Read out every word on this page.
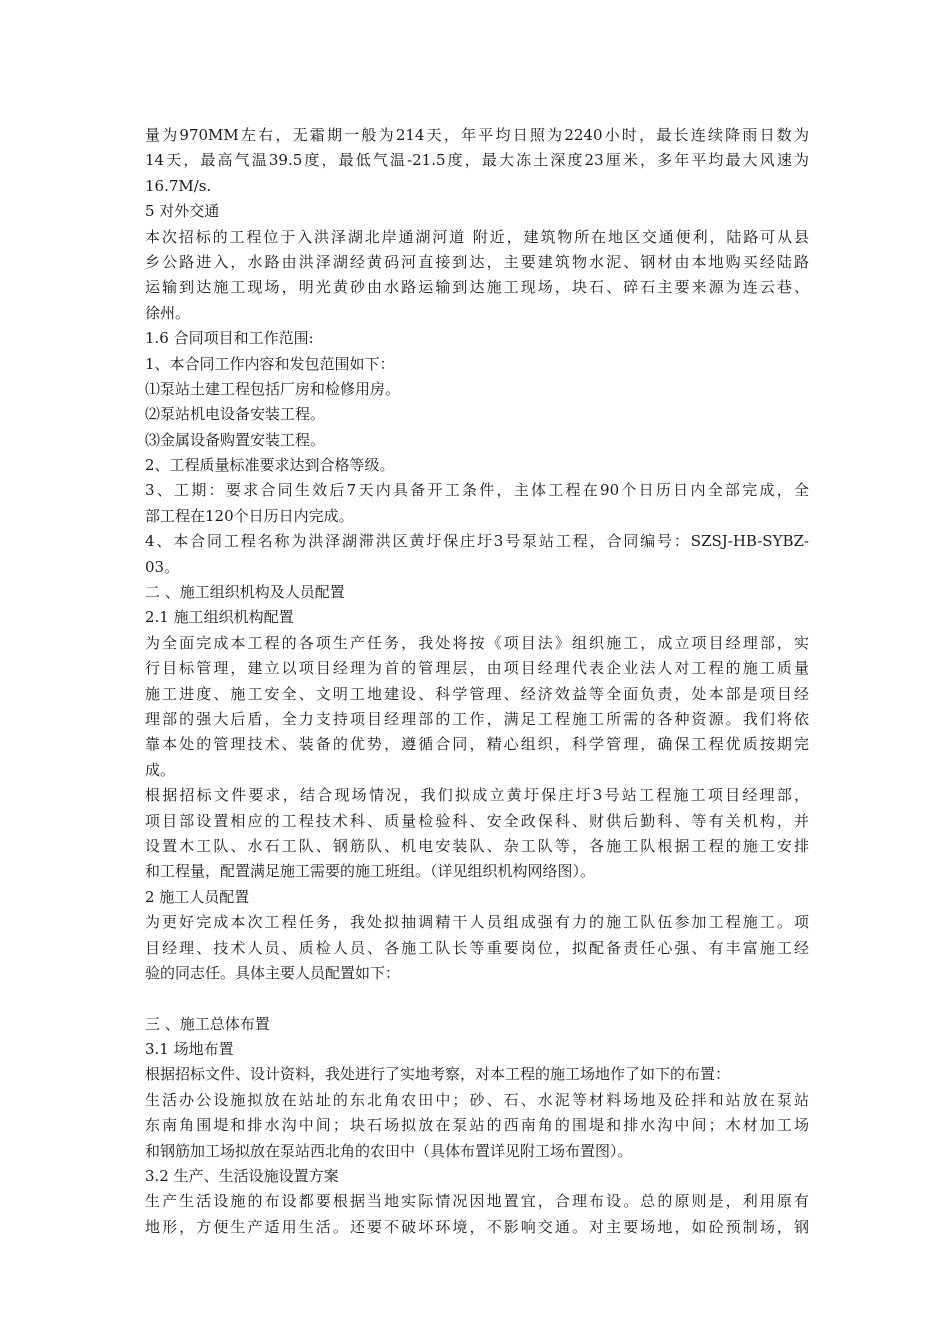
量为970MM左右，无霜期一般为214天，年平均日照为2240小时，最长连续降雨日数为
14天，最高气温39.5度，最低气温-21.5度，最大冻土深度23厘米，多年平均最大风速为
16.7M/s.
5 对外交通
本次招标的工程位于入洪泽湖北岸通湖河道 附近，建筑物所在地区交通便利，陆路可从县
乡公路进入，水路由洪泽湖经黄码河直接到达，主要建筑物水泥、钢材由本地购买经陆路
运输到达施工现场，明光黄砂由水路运输到达施工现场，块石、碎石主要来源为连云巷、
徐州。
1.6 合同项目和工作范围:
1、本合同工作内容和发包范围如下：
⑴泵站土建工程包括厂房和检修用房。
⑵泵站机电设备安装工程。
⑶金属设备购置安装工程。
2、工程质量标准要求达到合格等级。
3、工期：要求合同生效后7天内具备开工条件，主体工程在90个日历日内全部完成，全
部工程在120个日历日内完成。
4、本合同工程名称为洪泽湖滞洪区黄圩保庄圩3号泵站工程，合同编号：SZSJ-HB-SYBZ-
03。
二 、施工组织机构及人员配置
2.1 施工组织机构配置
为全面完成本工程的各项生产任务，我处将按《项目法》组织施工，成立项目经理部，实
行目标管理，建立以项目经理为首的管理层，由项目经理代表企业法人对工程的施工质量
施工进度、施工安全、文明工地建设、科学管理、经济效益等全面负责，处本部是项目经
理部的强大后盾，全力支持项目经理部的工作，满足工程施工所需的各种资源。我们将依
靠本处的管理技术、装备的优势，遵循合同，精心组织，科学管理，确保工程优质按期完
成。
根据招标文件要求，结合现场情况，我们拟成立黄圩保庄圩3号站工程施工项目经理部，
项目部设置相应的工程技术科、质量检验科、安全政保科、财供后勤科、等有关机构，并
设置木工队、水石工队、钢筋队、机电安装队、杂工队等，各施工队根据工程的施工安排
和工程量，配置满足施工需要的施工班组。（详见组织机构网络图）。
2 施工人员配置
为更好完成本次工程任务，我处拟抽调精干人员组成强有力的施工队伍参加工程施工。项
目经理、技术人员、质检人员、各施工队长等重要岗位，拟配备责任心强、有丰富施工经
验的同志任。具体主要人员配置如下：
三 、施工总体布置
3.1 场地布置
根据招标文件、设计资料，我处进行了实地考察，对本工程的施工场地作了如下的布置：
生活办公设施拟放在站址的东北角农田中；砂、石、水泥等材料场地及砼拌和站放在泵站
东南角围堤和排水沟中间；块石场拟放在泵站的西南角的围堤和排水沟中间；木材加工场
和钢筋加工场拟放在泵站西北角的农田中（具体布置详见附工场布置图）。
3.2 生产、生活设施设置方案
生产生活设施的布设都要根据当地实际情况因地置宜，合理布设。总的原则是，利用原有
地形，方便生产适用生活。还要不破坏环境，不影响交通。对主要场地，如砼预制场，钢
